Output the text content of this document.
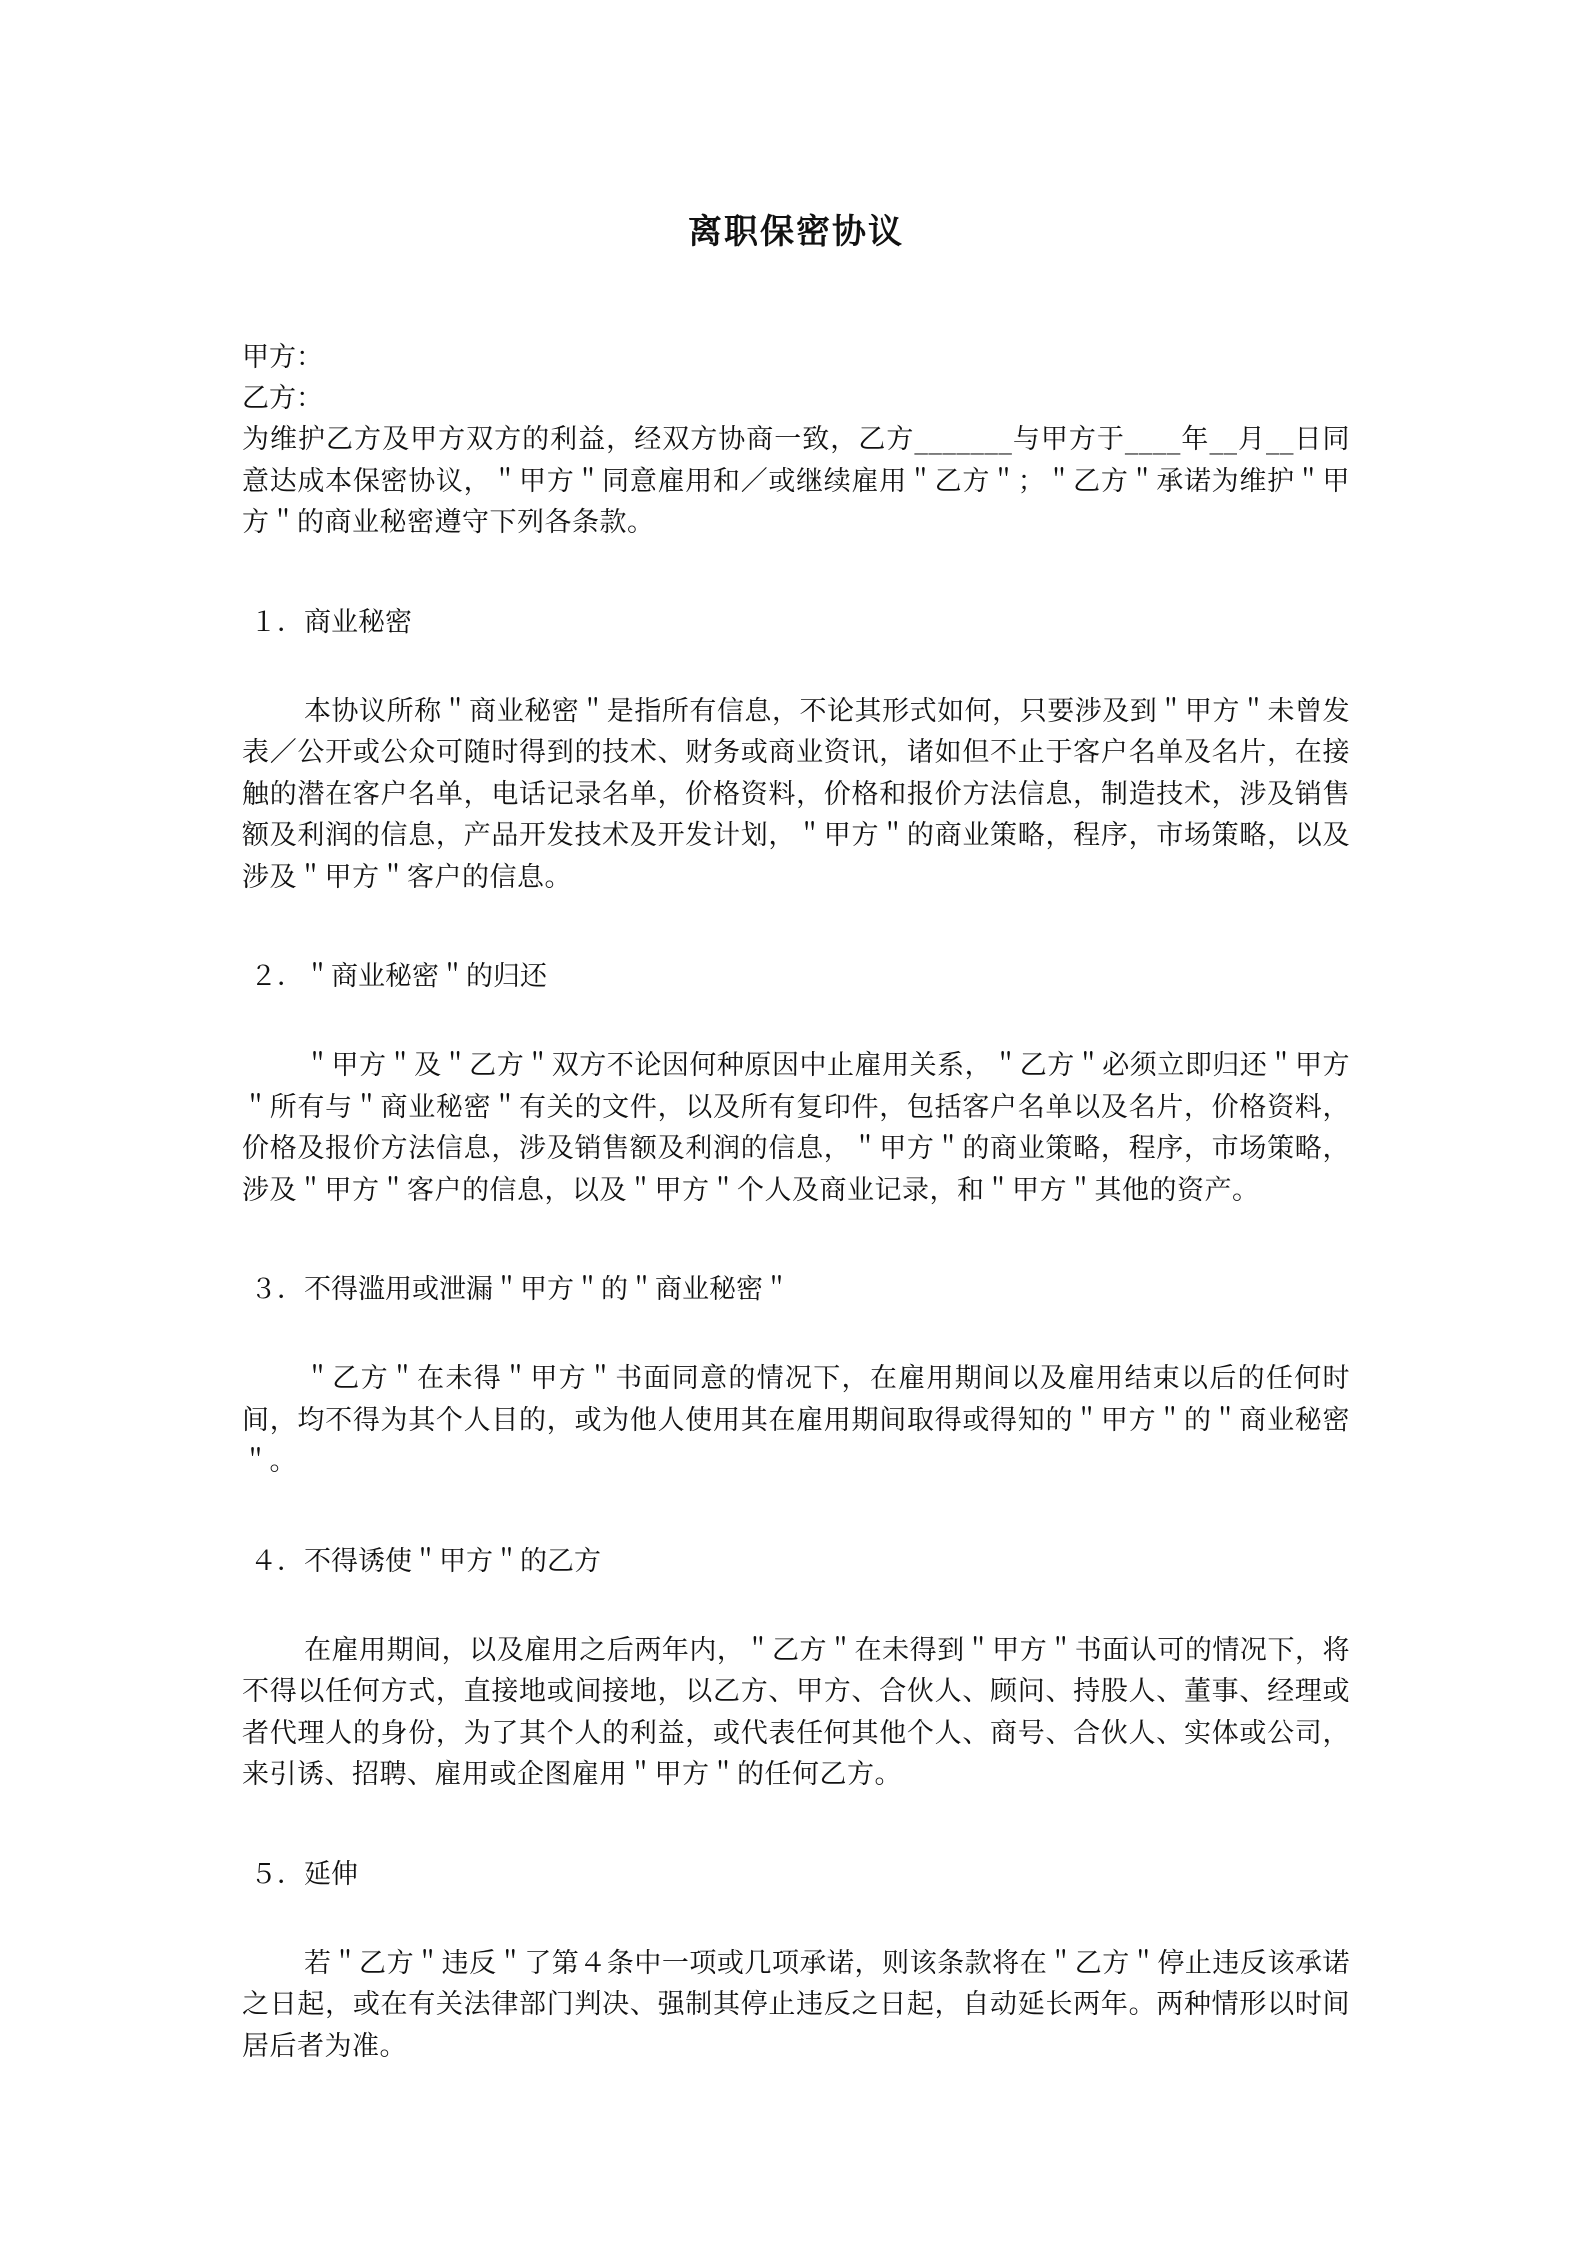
离职保密协议

甲方：

乙方：

为维护乙方及甲方双方的利益，经双方协商一致，乙方_______与甲方于____年__月__日同意达成本保密协议，＂甲方＂同意雇用和／或继续雇用＂乙方＂；＂乙方＂承诺为维护＂甲方＂的商业秘密遵守下列各条款。

１．商业秘密

本协议所称＂商业秘密＂是指所有信息，不论其形式如何，只要涉及到＂甲方＂未曾发表／公开或公众可随时得到的技术、财务或商业资讯，诸如但不止于客户名单及名片，在接触的潜在客户名单，电话记录名单，价格资料，价格和报价方法信息，制造技术，涉及销售额及利润的信息，产品开发技术及开发计划，＂甲方＂的商业策略，程序，市场策略，以及涉及＂甲方＂客户的信息。

２．＂商业秘密＂的归还

＂甲方＂及＂乙方＂双方不论因何种原因中止雇用关系，＂乙方＂必须立即归还＂甲方＂所有与＂商业秘密＂有关的文件，以及所有复印件，包括客户名单以及名片，价格资料，价格及报价方法信息，涉及销售额及利润的信息，＂甲方＂的商业策略，程序，市场策略，涉及＂甲方＂客户的信息，以及＂甲方＂个人及商业记录，和＂甲方＂其他的资产。

３．不得滥用或泄漏＂甲方＂的＂商业秘密＂

＂乙方＂在未得＂甲方＂书面同意的情况下，在雇用期间以及雇用结束以后的任何时间，均不得为其个人目的，或为他人使用其在雇用期间取得或得知的＂甲方＂的＂商业秘密＂。

４．不得诱使＂甲方＂的乙方

在雇用期间，以及雇用之后两年内，＂乙方＂在未得到＂甲方＂书面认可的情况下，将不得以任何方式，直接地或间接地，以乙方、甲方、合伙人、顾问、持股人、董事、经理或者代理人的身份，为了其个人的利益，或代表任何其他个人、商号、合伙人、实体或公司，来引诱、招聘、雇用或企图雇用＂甲方＂的任何乙方。

５．延伸

若＂乙方＂违反＂了第４条中一项或几项承诺，则该条款将在＂乙方＂停止违反该承诺之日起，或在有关法律部门判决、强制其停止违反之日起，自动延长两年。两种情形以时间居后者为准。
